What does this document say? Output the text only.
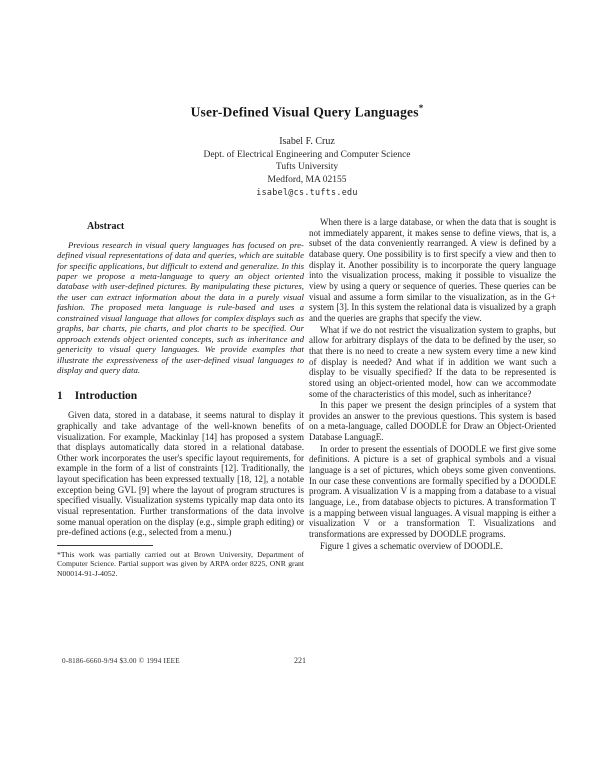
User-Defined Visual Query Languages*
Isabel F. Cruz
Dept. of Electrical Engineering and Computer Science
Tufts University
Medford, MA 02155
isabel@cs.tufts.edu
Abstract

Previous research in visual query languages has focused on pre-defined visual representations of data and queries, which are suitable for specific applications, but difficult to extend and generalize. In this paper we propose a meta-language to query an object oriented database with user-defined pictures. By manipulating these pictures, the user can extract information about the data in a purely visual fashion. The proposed meta language is rule-based and uses a constrained visual language that allows for complex displays such as graphs, bar charts, pie charts, and plot charts to be specified. Our approach extends object oriented concepts, such as inheritance and genericity to visual query languages. We provide examples that illustrate the expressiveness of the user-defined visual languages to display and query data.

1 Introduction

Given data, stored in a database, it seems natural to display it graphically and take advantage of the well-known benefits of visualization. For example, Mackinlay [14] has proposed a system that displays automatically data stored in a relational database. Other work incorporates the user's specific layout requirements, for example in the form of a list of constraints [12]. Traditionally, the layout specification has been expressed textually [18, 12], a notable exception being GVL [9] where the layout of program structures is specified visually. Visualization systems typically map data onto its visual representation. Further transformations of the data involve some manual operation on the display (e.g., simple graph editing) or pre-defined actions (e.g., selected from a menu.)

*This work was partially carried out at Brown University, Department of Computer Science. Partial support was given by ARPA order 8225, ONR grant N00014-91-J-4052.

When there is a large database, or when the data that is sought is not immediately apparent, it makes sense to define views, that is, a subset of the data conveniently rearranged. A view is defined by a database query. One possibility is to first specify a view and then to display it. Another possibility is to incorporate the query language into the visualization process, making it possible to visualize the view by using a query or sequence of queries. These queries can be visual and assume a form similar to the visualization, as in the G+ system [3]. In this system the relational data is visualized by a graph and the queries are graphs that specify the view.

What if we do not restrict the visualization system to graphs, but allow for arbitrary displays of the data to be defined by the user, so that there is no need to create a new system every time a new kind of display is needed? And what if in addition we want such a display to be visually specified? If the data to be represented is stored using an object-oriented model, how can we accommodate some of the characteristics of this model, such as inheritance?

In this paper we present the design principles of a system that provides an answer to the previous questions. This system is based on a meta-language, called DOODLE for Draw an Object-Oriented Database LanguagE.

In order to present the essentials of DOODLE we first give some definitions. A picture is a set of graphical symbols and a visual language is a set of pictures, which obeys some given conventions. In our case these conventions are formally specified by a DOODLE program. A visualization V is a mapping from a database to a visual language, i.e., from database objects to pictures. A transformation T is a mapping between visual languages. A visual mapping is either a visualization V or a transformation T. Visualizations and transformations are expressed by DOODLE programs.

Figure 1 gives a schematic overview of DOODLE.

0-8186-6660-9/94 $3.00 © 1994 IEEE	221
